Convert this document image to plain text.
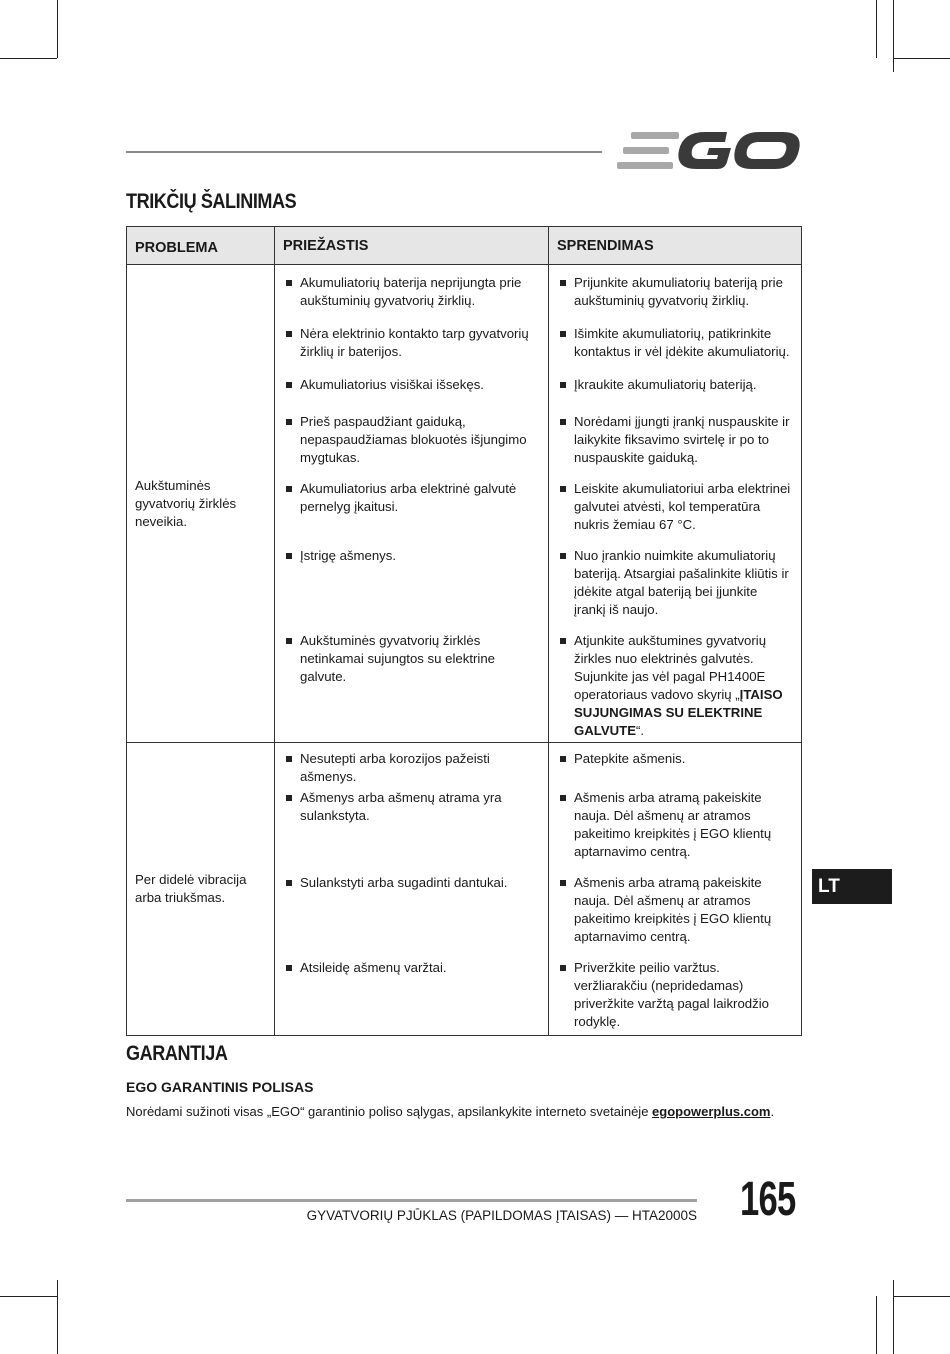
TRIKČIŲ ŠALINIMAS
PROBLEMA	PRIEŽASTIS	SPRENDIMAS
Aukštuminės gyvatvorių žirklės neveikia.	Akumuliatorių baterija neprijungta prie aukštuminių gyvatvorių žirklių.	Prijunkite akumuliatorių bateriją prie aukštuminių gyvatvorių žirklių.

	Nėra elektrinio kontakto tarp gyvatvorių žirklių ir baterijos.	Išimkite akumuliatorių, patikrinkite kontaktus ir vėl įdėkite akumuliatorių.

	Akumuliatorius visiškai išsekęs.	Įkraukite akumuliatorių bateriją.

	Prieš paspaudžiant gaiduką, nepaspaudžiamas blokuotės išjungimo mygtukas.	Norėdami įjungti įrankį nuspauskite ir laikykite fiksavimo svirtelę ir po to nuspauskite gaiduką.

	Akumuliatorius arba elektrinė galvutė pernelyg įkaitusi.	Leiskite akumuliatoriui arba elektrinei galvutei atvėsti, kol temperatūra nukris žemiau 67 °C.

	Įstrigę ašmenys.	Nuo įrankio nuimkite akumuliatorių bateriją. Atsargiai pašalinkite kliūtis ir įdėkite atgal bateriją bei įjunkite įrankį iš naujo.

	Aukštuminės gyvatvorių žirklės netinkamai sujungtos su elektrine galvute.	Atjunkite aukštumines gyvatvorių žirkles nuo elektrinės galvutės. Sujunkite jas vėl pagal PH1400E operatoriaus vadovo skyrių „ĮTAISO SUJUNGIMAS SU ELEKTRINE GALVUTE“.

Per didelė vibracija arba triukšmas.	Nesutepti arba korozijos pažeisti ašmenys.	Patepkite ašmenis.

	Ašmenys arba ašmenų atrama yra sulankstyta.	Ašmenis arba atramą pakeiskite nauja. Dėl ašmenų ar atramos pakeitimo kreipkitės į EGO klientų aptarnavimo centrą.

	Sulankstyti arba sugadinti dantukai.	Ašmenis arba atramą pakeiskite nauja. Dėl ašmenų ar atramos pakeitimo kreipkitės į EGO klientų aptarnavimo centrą.

	Atsileidę ašmenų varžtai.	Priveržkite peilio varžtus. veržliarakčiu (nepridedamas) priveržkite varžtą pagal laikrodžio rodyklę.
LT
GARANTIJA
EGO GARANTINIS POLISAS
Norėdami sužinoti visas „EGO“ garantinio poliso sąlygas, apsilankykite interneto svetainėje egopowerplus.com.
GYVATVORIŲ PJŪKLAS (PAPILDOMAS ĮTAISAS) — HTA2000S 165
